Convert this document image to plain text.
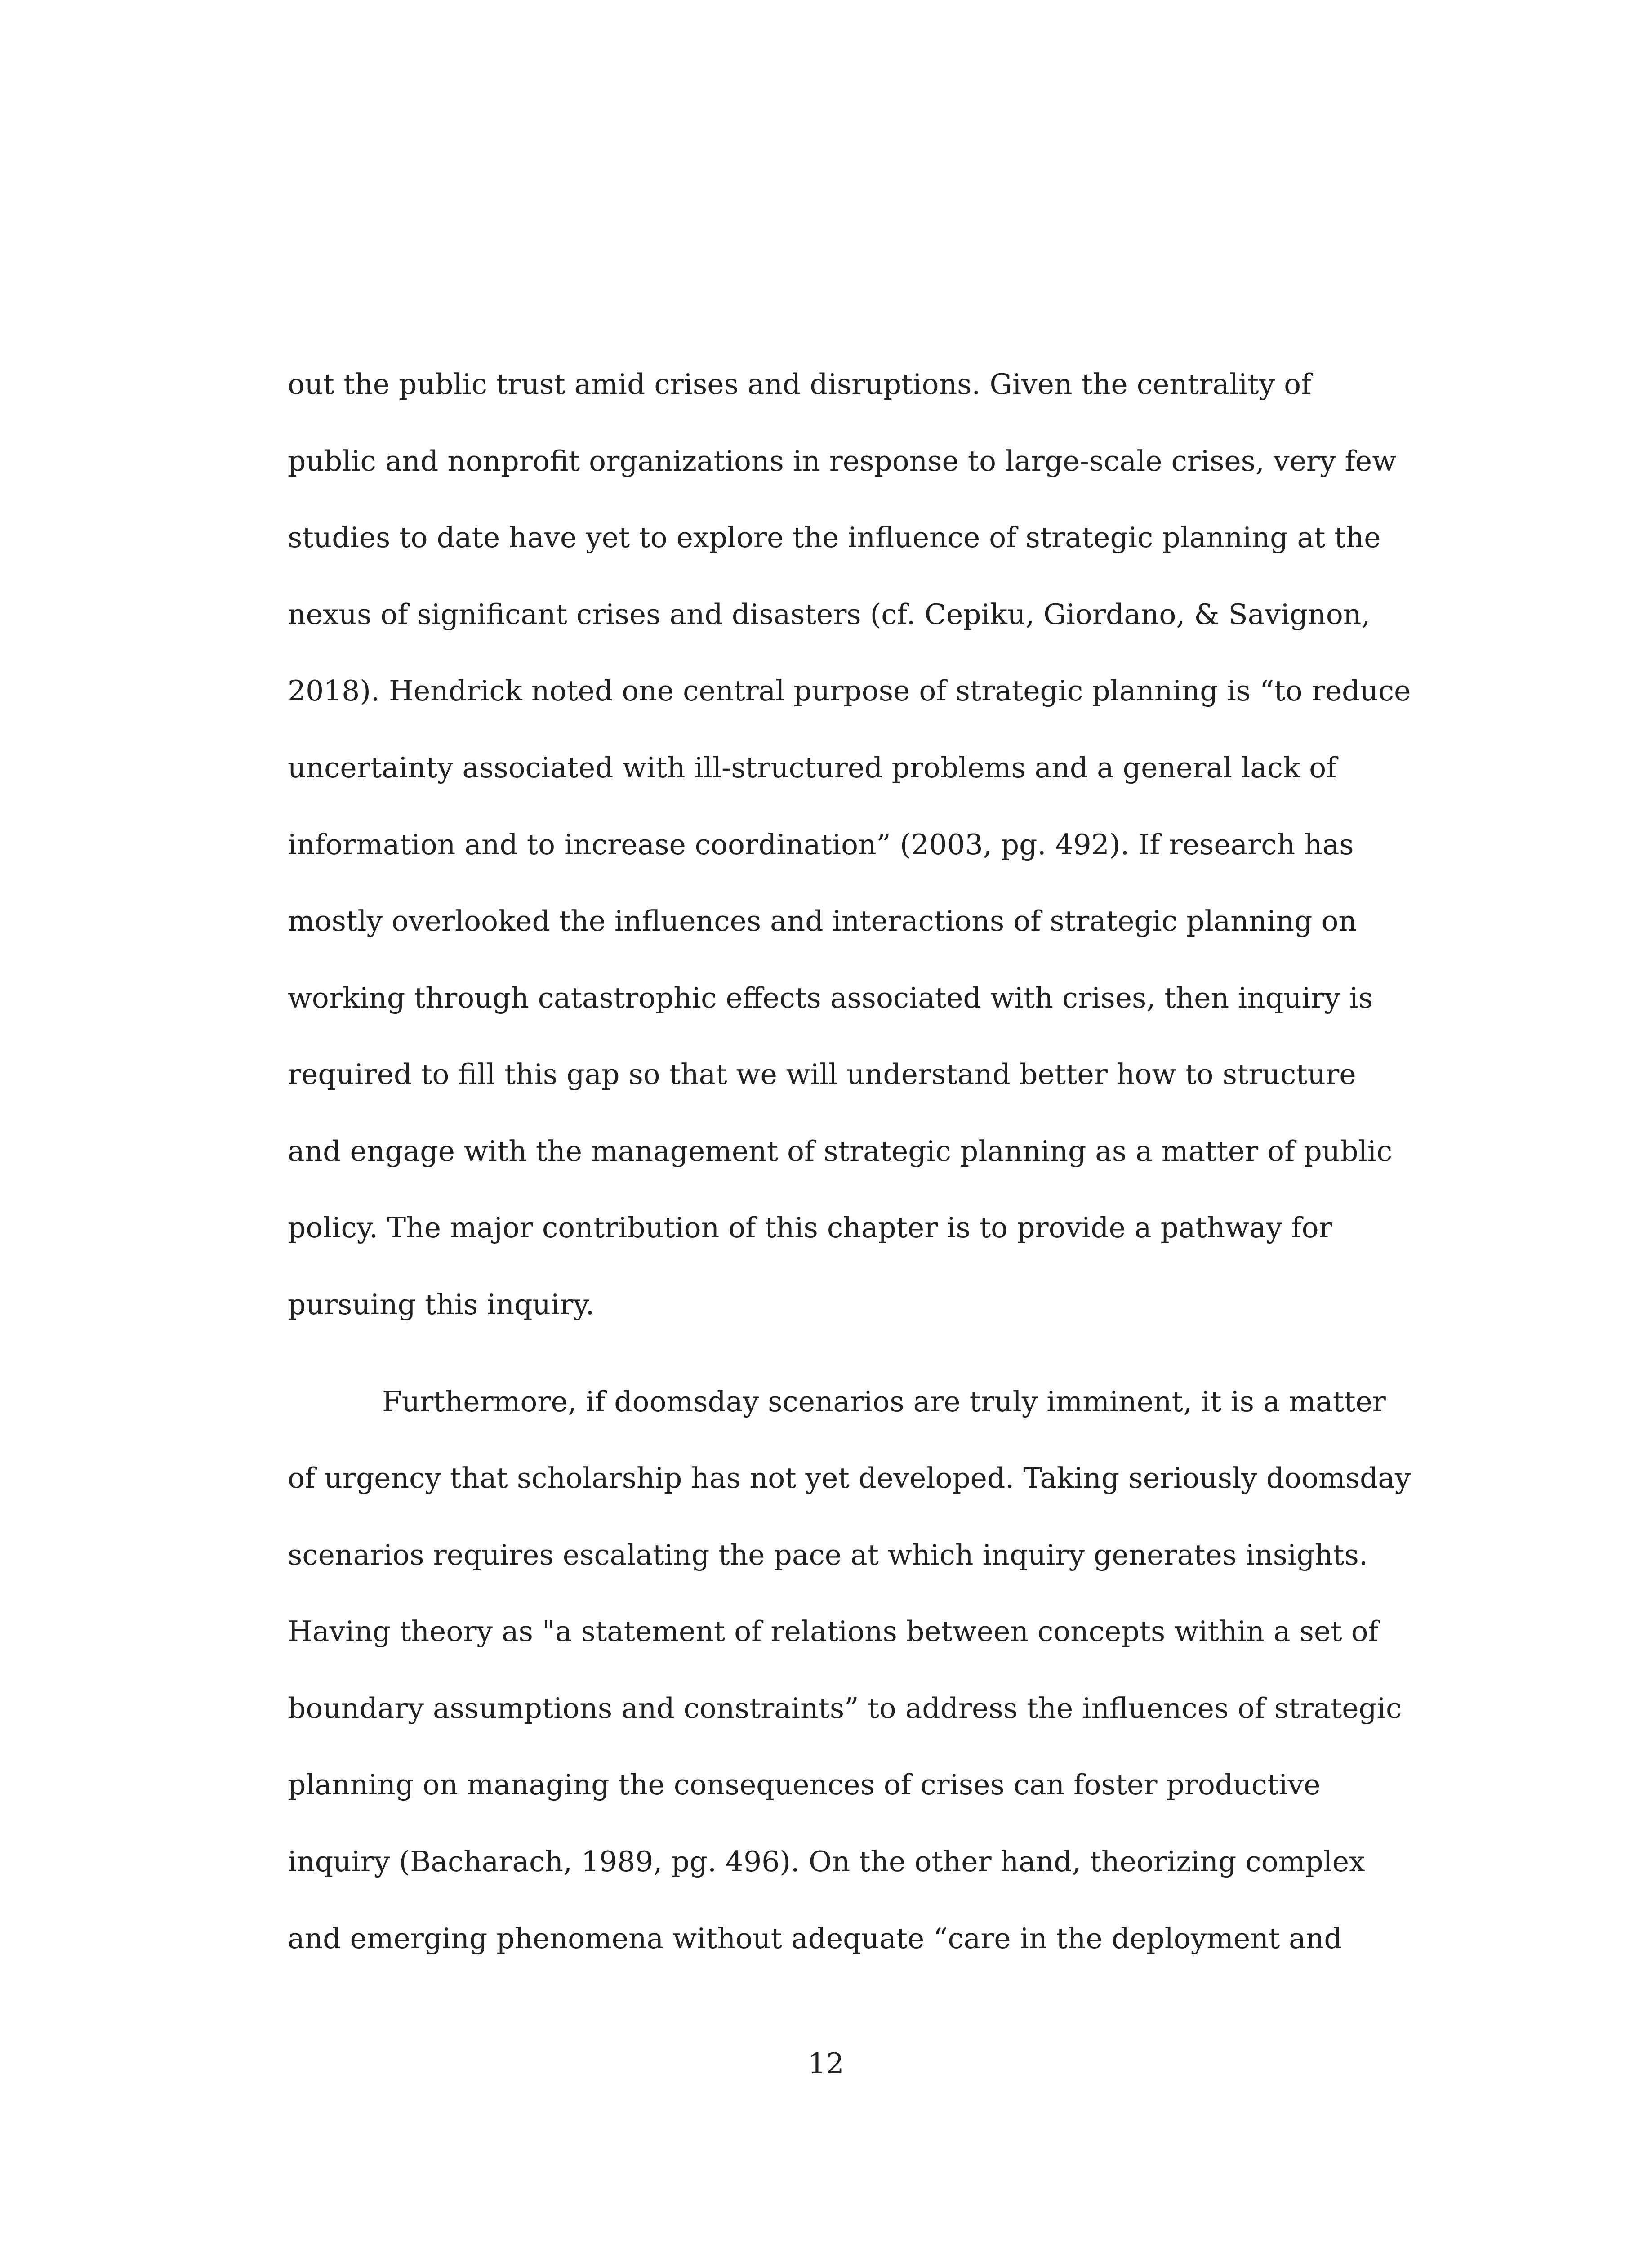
out the public trust amid crises and disruptions. Given the centrality of
public and nonprofit organizations in response to large-scale crises, very few
studies to date have yet to explore the influence of strategic planning at the
nexus of significant crises and disasters (cf. Cepiku, Giordano, & Savignon,
2018). Hendrick noted one central purpose of strategic planning is “to reduce
uncertainty associated with ill-structured problems and a general lack of
information and to increase coordination” (2003, pg. 492). If research has
mostly overlooked the influences and interactions of strategic planning on
working through catastrophic effects associated with crises, then inquiry is
required to fill this gap so that we will understand better how to structure
and engage with the management of strategic planning as a matter of public
policy. The major contribution of this chapter is to provide a pathway for
pursuing this inquiry.
Furthermore, if doomsday scenarios are truly imminent, it is a matter
of urgency that scholarship has not yet developed. Taking seriously doomsday
scenarios requires escalating the pace at which inquiry generates insights.
Having theory as "a statement of relations between concepts within a set of
boundary assumptions and constraints” to address the influences of strategic
planning on managing the consequences of crises can foster productive
inquiry (Bacharach, 1989, pg. 496). On the other hand, theorizing complex
and emerging phenomena without adequate “care in the deployment and
12
